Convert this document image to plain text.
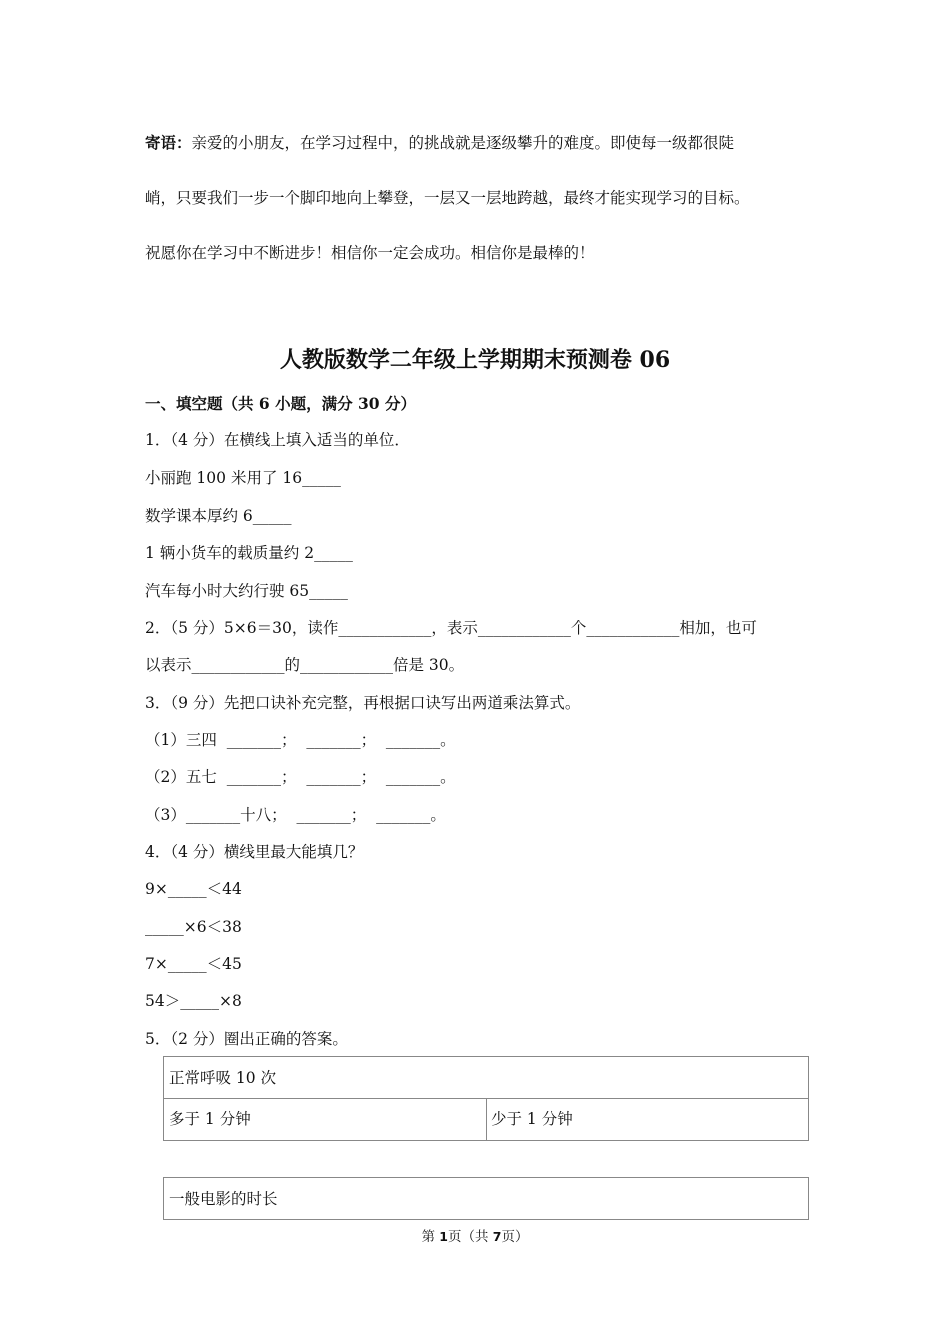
寄语：亲爱的小朋友，在学习过程中，的挑战就是逐级攀升的难度。即使每一级都很陡
峭，只要我们一步一个脚印地向上攀登，一层又一层地跨越，最终才能实现学习的目标。
祝愿你在学习中不断进步！相信你一定会成功。相信你是最棒的！
人教版数学二年级上学期期末预测卷 06
一、填空题（共 6 小题，满分 30 分）
1．（4 分）在横线上填入适当的单位．
小丽跑 100 米用了 16_____
数学课本厚约 6_____
1 辆小货车的载质量约 2_____
汽车每小时大约行驶 65_____
2．（5 分）5×6＝30，读作____________，表示____________个____________相加，也可
以表示____________的____________倍是 30。
3．（9 分）先把口诀补充完整，再根据口诀写出两道乘法算式。
（1）三四  _______；  _______；  _______。
（2）五七  _______；  _______；  _______。
（3）_______十八；  _______；  _______。
4．（4 分）横线里最大能填几？
9×_____＜44
_____×6＜38
7×_____＜45
54＞_____×8
5．（2 分）圈出正确的答案。
正常呼吸 10 次
多于 1 分钟	少于 1 分钟
一般电影的时长
第 1页（共 7页）
